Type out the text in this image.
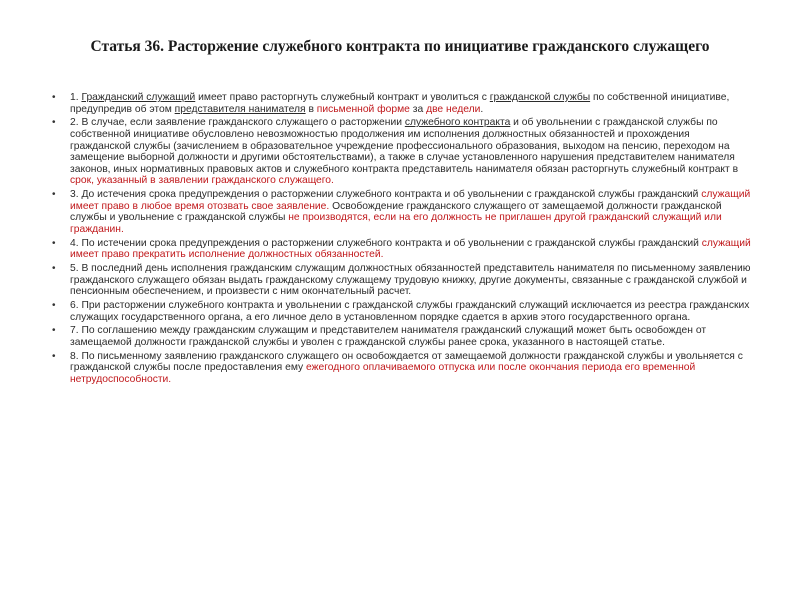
Статья 36. Расторжение служебного контракта по инициативе гражданского служащего
• 1. Гражданский служащий имеет право расторгнуть служебный контракт и уволиться с гражданской службы по собственной инициативе, предупредив об этом представителя нанимателя в письменной форме за две недели.
• 2. В случае, если заявление гражданского служащего о расторжении служебного контракта и об увольнении с гражданской службы по собственной инициативе обусловлено невозможностью продолжения им исполнения должностных обязанностей и прохождения гражданской службы (зачислением в образовательное учреждение профессионального образования, выходом на пенсию, переходом на замещение выборной должности и другими обстоятельствами), а также в случае установленного нарушения представителем нанимателя законов, иных нормативных правовых актов и служебного контракта представитель нанимателя обязан расторгнуть служебный контракт в срок, указанный в заявлении гражданского служащего.
• 3. До истечения срока предупреждения о расторжении служебного контракта и об увольнении с гражданской службы гражданский служащий имеет право в любое время отозвать свое заявление. Освобождение гражданского служащего от замещаемой должности гражданской службы и увольнение с гражданской службы не производятся, если на его должность не приглашен другой гражданский служащий или гражданин.
• 4. По истечении срока предупреждения о расторжении служебного контракта и об увольнении с гражданской службы гражданский служащий имеет право прекратить исполнение должностных обязанностей.
• 5. В последний день исполнения гражданским служащим должностных обязанностей представитель нанимателя по письменному заявлению гражданского служащего обязан выдать гражданскому служащему трудовую книжку, другие документы, связанные с гражданской службой и пенсионным обеспечением, и произвести с ним окончательный расчет.
• 6. При расторжении служебного контракта и увольнении с гражданской службы гражданский служащий исключается из реестра гражданских служащих государственного органа, а его личное дело в установленном порядке сдается в архив этого государственного органа.
• 7. По соглашению между гражданским служащим и представителем нанимателя гражданский служащий может быть освобожден от замещаемой должности гражданской службы и уволен с гражданской службы ранее срока, указанного в настоящей статье.
• 8. По письменному заявлению гражданского служащего он освобождается от замещаемой должности гражданской службы и увольняется с гражданской службы после предоставления ему ежегодного оплачиваемого отпуска или после окончания периода его временной нетрудоспособности.
